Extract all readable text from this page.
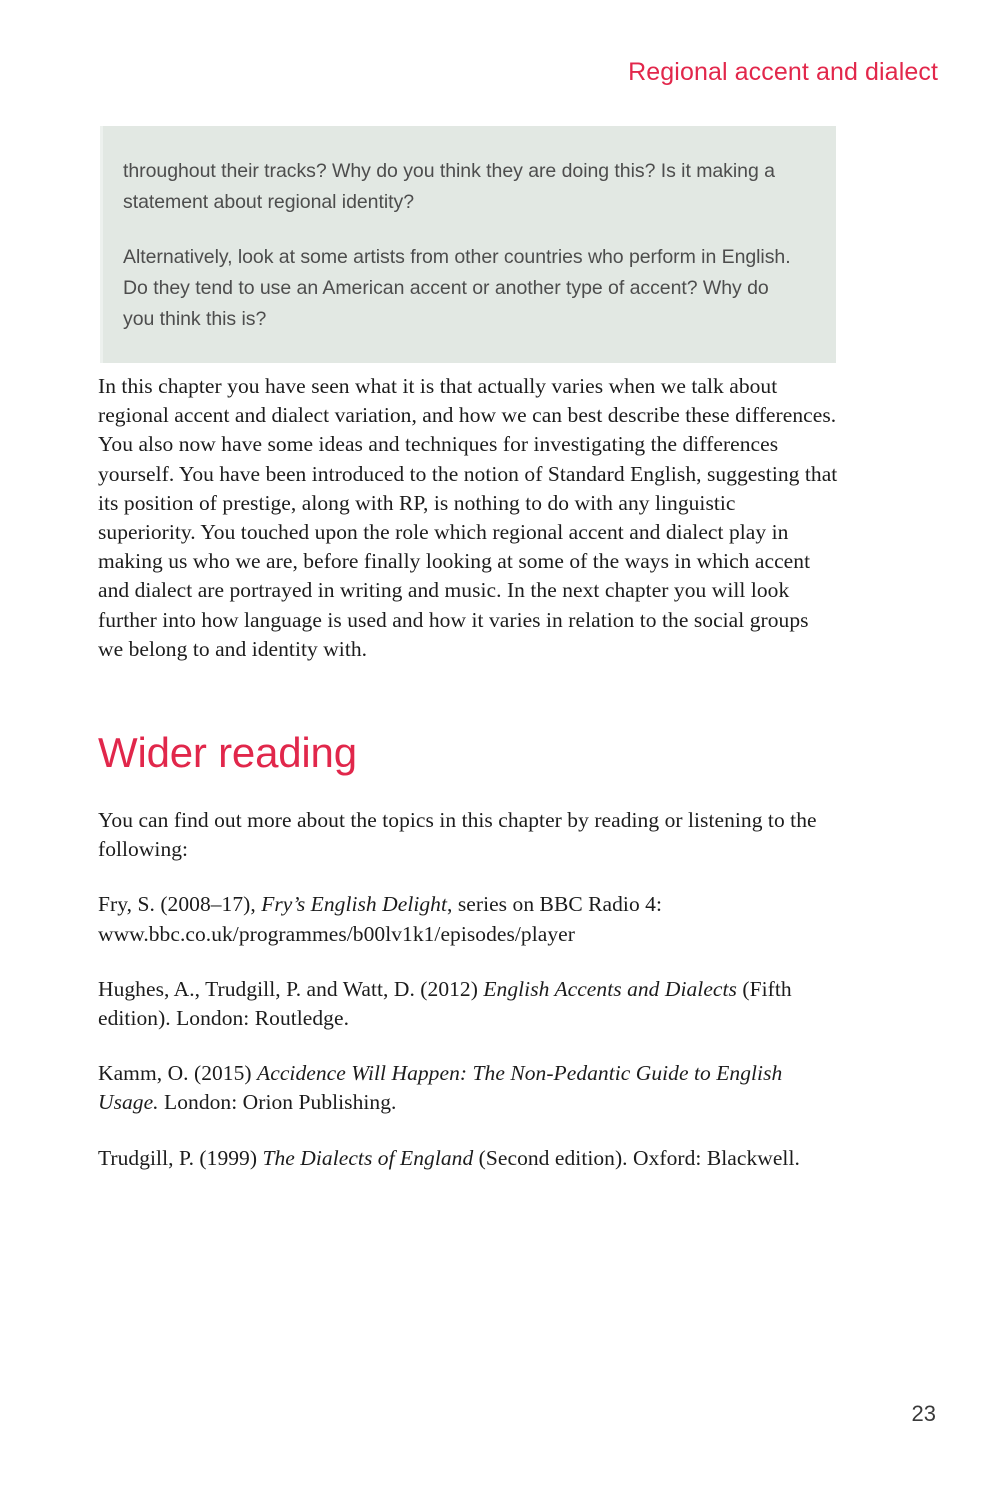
Regional accent and dialect

throughout their tracks? Why do you think they are doing this? Is it making a statement about regional identity?

Alternatively, look at some artists from other countries who perform in English. Do they tend to use an American accent or another type of accent? Why do you think this is?

In this chapter you have seen what it is that actually varies when we talk about regional accent and dialect variation, and how we can best describe these differences. You also now have some ideas and techniques for investigating the differences yourself. You have been introduced to the notion of Standard English, suggesting that its position of prestige, along with RP, is nothing to do with any linguistic superiority. You touched upon the role which regional accent and dialect play in making us who we are, before finally looking at some of the ways in which accent and dialect are portrayed in writing and music. In the next chapter you will look further into how language is used and how it varies in relation to the social groups we belong to and identity with.

Wider reading

You can find out more about the topics in this chapter by reading or listening to the following:

Fry, S. (2008–17), Fry’s English Delight, series on BBC Radio 4: www.bbc.co.uk/programmes/b00lv1k1/episodes/player

Hughes, A., Trudgill, P. and Watt, D. (2012) English Accents and Dialects (Fifth edition). London: Routledge.

Kamm, O. (2015) Accidence Will Happen: The Non-Pedantic Guide to English Usage. London: Orion Publishing.

Trudgill, P. (1999) The Dialects of England (Second edition). Oxford: Blackwell.

23
